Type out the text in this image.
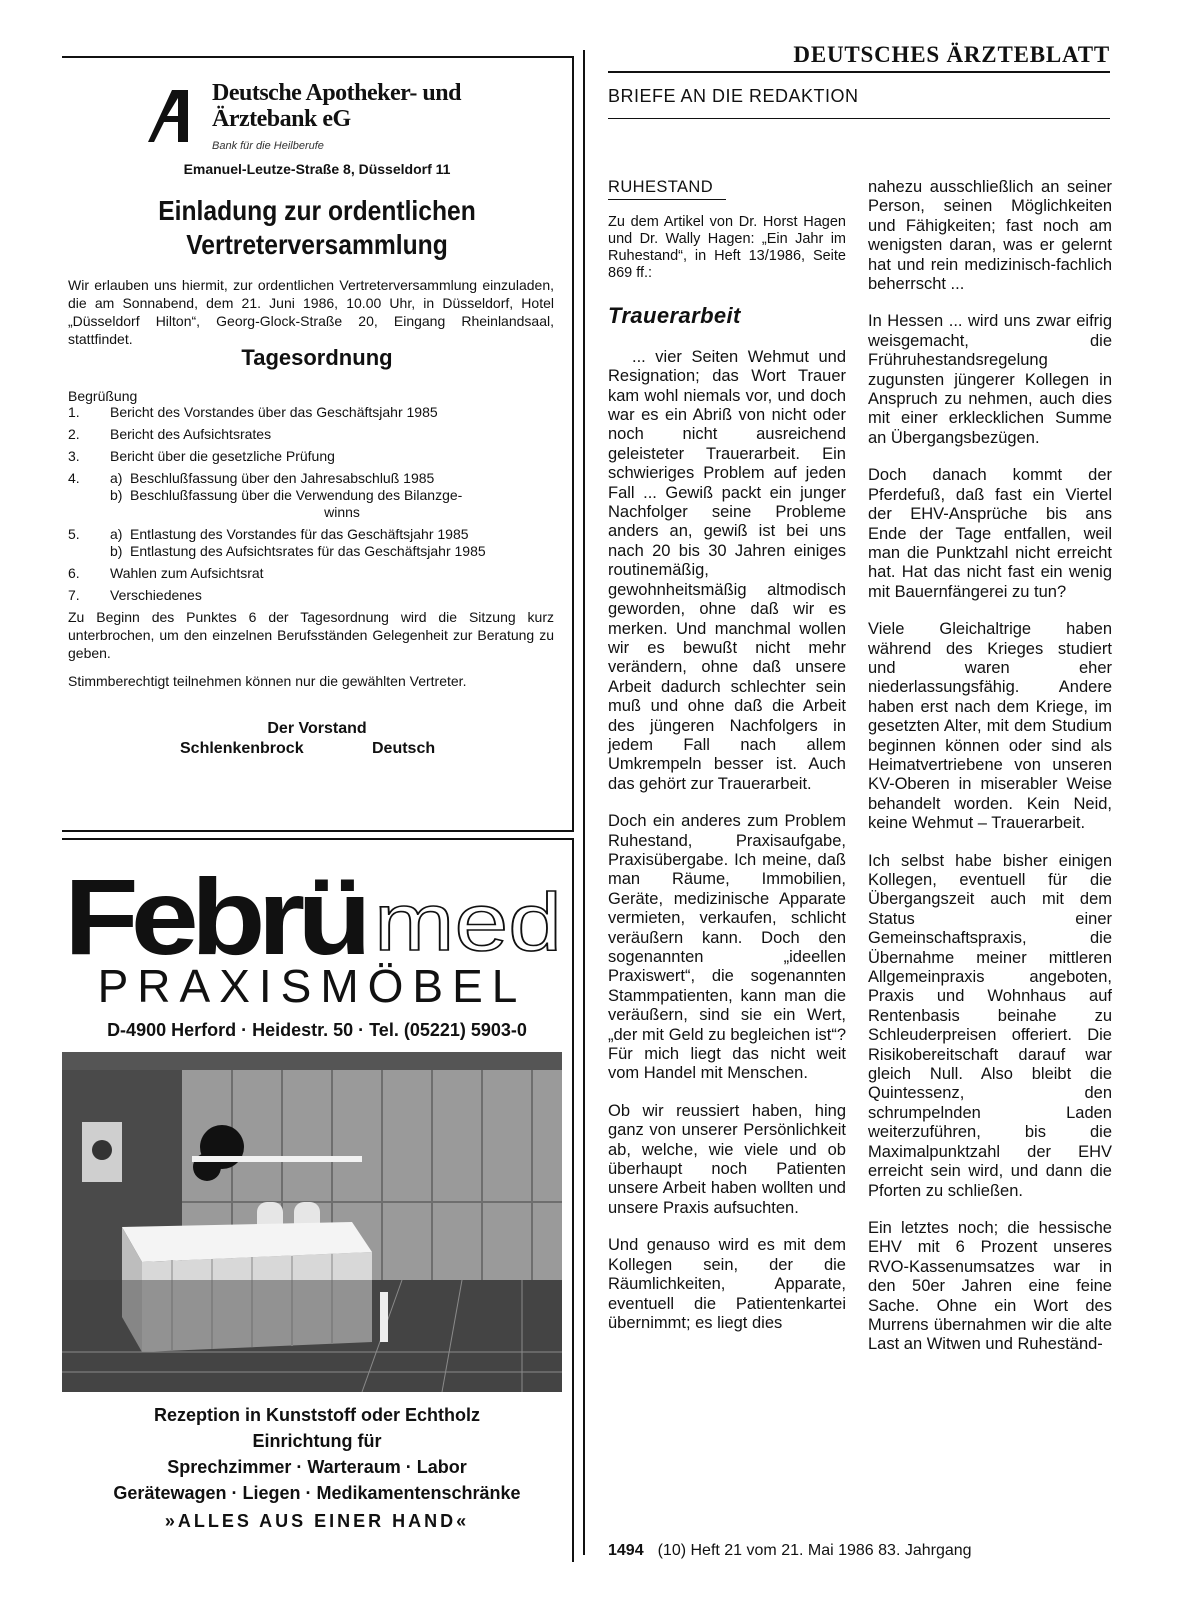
Deutsche Apotheker- und Ärztebank eG
Bank für die Heilberufe
Emanuel-Leutze-Straße 8, Düsseldorf 11
Einladung zur ordentlichen Vertreterversammlung
Wir erlauben uns hiermit, zur ordentlichen Vertreterversammlung einzuladen, die am Sonnabend, dem 21. Juni 1986, 10.00 Uhr, in Düsseldorf, Hotel „Düsseldorf Hilton“, Georg-Glock-Straße 20, Eingang Rheinlandsaal, stattfindet.
Tagesordnung
Begrüßung
1. Bericht des Vorstandes über das Geschäftsjahr 1985
2. Bericht des Aufsichtsrates
3. Bericht über die gesetzliche Prüfung
4. a) Beschlußfassung über den Jahresabschluß 1985
b) Beschlußfassung über die Verwendung des Bilanzge-
winns
5. a) Entlastung des Vorstandes für das Geschäftsjahr 1985
b) Entlastung des Aufsichtsrates für das Geschäftsjahr 1985
6. Wahlen zum Aufsichtsrat
7. Verschiedenes
Zu Beginn des Punktes 6 der Tagesordnung wird die Sitzung kurz unterbrochen, um den einzelnen Berufsständen Gelegenheit zur Beratung zu geben.
Stimmberechtigt teilnehmen können nur die gewählten Vertreter.
Der Vorstand
Schlenkenbrock	Deutsch
Febrü med
PRAXISMÖBEL
D-4900 Herford · Heidestr. 50 · Tel. (05221) 5903-0
Rezeption in Kunststoff oder Echtholz
Einrichtung für
Sprechzimmer · Warteraum · Labor
Gerätewagen · Liegen · Medikamentenschränke
»ALLES AUS EINER HAND«
DEUTSCHES ÄRZTEBLATT
BRIEFE AN DIE REDAKTION
RUHESTAND

Zu dem Artikel von Dr. Horst Hagen und Dr. Wally Hagen: „Ein Jahr im Ruhestand“, in Heft 13/1986, Seite 869 ff.:

Trauerarbeit

... vier Seiten Wehmut und Resignation; das Wort Trauer kam wohl niemals vor, und doch war es ein Abriß von nicht oder noch nicht ausreichend geleisteter Trauerarbeit. Ein schwieriges Problem auf jeden Fall ... Gewiß packt ein junger Nachfolger seine Probleme anders an, gewiß ist bei uns nach 20 bis 30 Jahren einiges routinemäßig, gewohnheitsmäßig altmodisch geworden, ohne daß wir es merken. Und manchmal wollen wir es bewußt nicht mehr verändern, ohne daß unsere Arbeit dadurch schlechter sein muß und ohne daß die Arbeit des jüngeren Nachfolgers in jedem Fall nach allem Umkrempeln besser ist. Auch das gehört zur Trauerarbeit.

Doch ein anderes zum Problem Ruhestand, Praxisaufgabe, Praxisübergabe. Ich meine, daß man Räume, Immobilien, Geräte, medizinische Apparate vermieten, verkaufen, schlicht veräußern kann. Doch den sogenannten „ideellen Praxiswert“, die sogenannten Stammpatienten, kann man die veräußern, sind sie ein Wert, „der mit Geld zu begleichen ist“? Für mich liegt das nicht weit vom Handel mit Menschen.

Ob wir reussiert haben, hing ganz von unserer Persönlichkeit ab, welche, wie viele und ob überhaupt noch Patienten unsere Arbeit haben wollten und unsere Praxis aufsuchten.

Und genauso wird es mit dem Kollegen sein, der die Räumlichkeiten, Apparate, eventuell die Patientenkartei übernimmt; es liegt dies

nahezu ausschließlich an seiner Person, seinen Möglichkeiten und Fähigkeiten; fast noch am wenigsten daran, was er gelernt hat und rein medizinisch-fachlich beherrscht ...

In Hessen ... wird uns zwar eifrig weisgemacht, die Frühruhestandsregelung zugunsten jüngerer Kollegen in Anspruch zu nehmen, auch dies mit einer erklecklichen Summe an Übergangsbezügen.

Doch danach kommt der Pferdefuß, daß fast ein Viertel der EHV-Ansprüche bis ans Ende der Tage entfallen, weil man die Punktzahl nicht erreicht hat. Hat das nicht fast ein wenig mit Bauernfängerei zu tun?

Viele Gleichaltrige haben während des Krieges studiert und waren eher niederlassungsfähig. Andere haben erst nach dem Kriege, im gesetzten Alter, mit dem Studium beginnen können oder sind als Heimatvertriebene von unseren KV-Oberen in miserabler Weise behandelt worden. Kein Neid, keine Wehmut – Trauerarbeit.

Ich selbst habe bisher einigen Kollegen, eventuell für die Übergangszeit auch mit dem Status einer Gemeinschaftspraxis, die Übernahme meiner mittleren Allgemeinpraxis angeboten, Praxis und Wohnhaus auf Rentenbasis beinahe zu Schleuderpreisen offeriert. Die Risikobereitschaft darauf war gleich Null. Also bleibt die Quintessenz, den schrumpelnden Laden weiterzuführen, bis die Maximalpunktzahl der EHV erreicht sein wird, und dann die Pforten zu schließen.

Ein letztes noch; die hessische EHV mit 6 Prozent unseres RVO-Kassenumsatzes war in den 50er Jahren eine feine Sache. Ohne ein Wort des Murrens übernahmen wir die alte Last an Witwen und Ruheständ-

1494 (10) Heft 21 vom 21. Mai 1986 83. Jahrgang
